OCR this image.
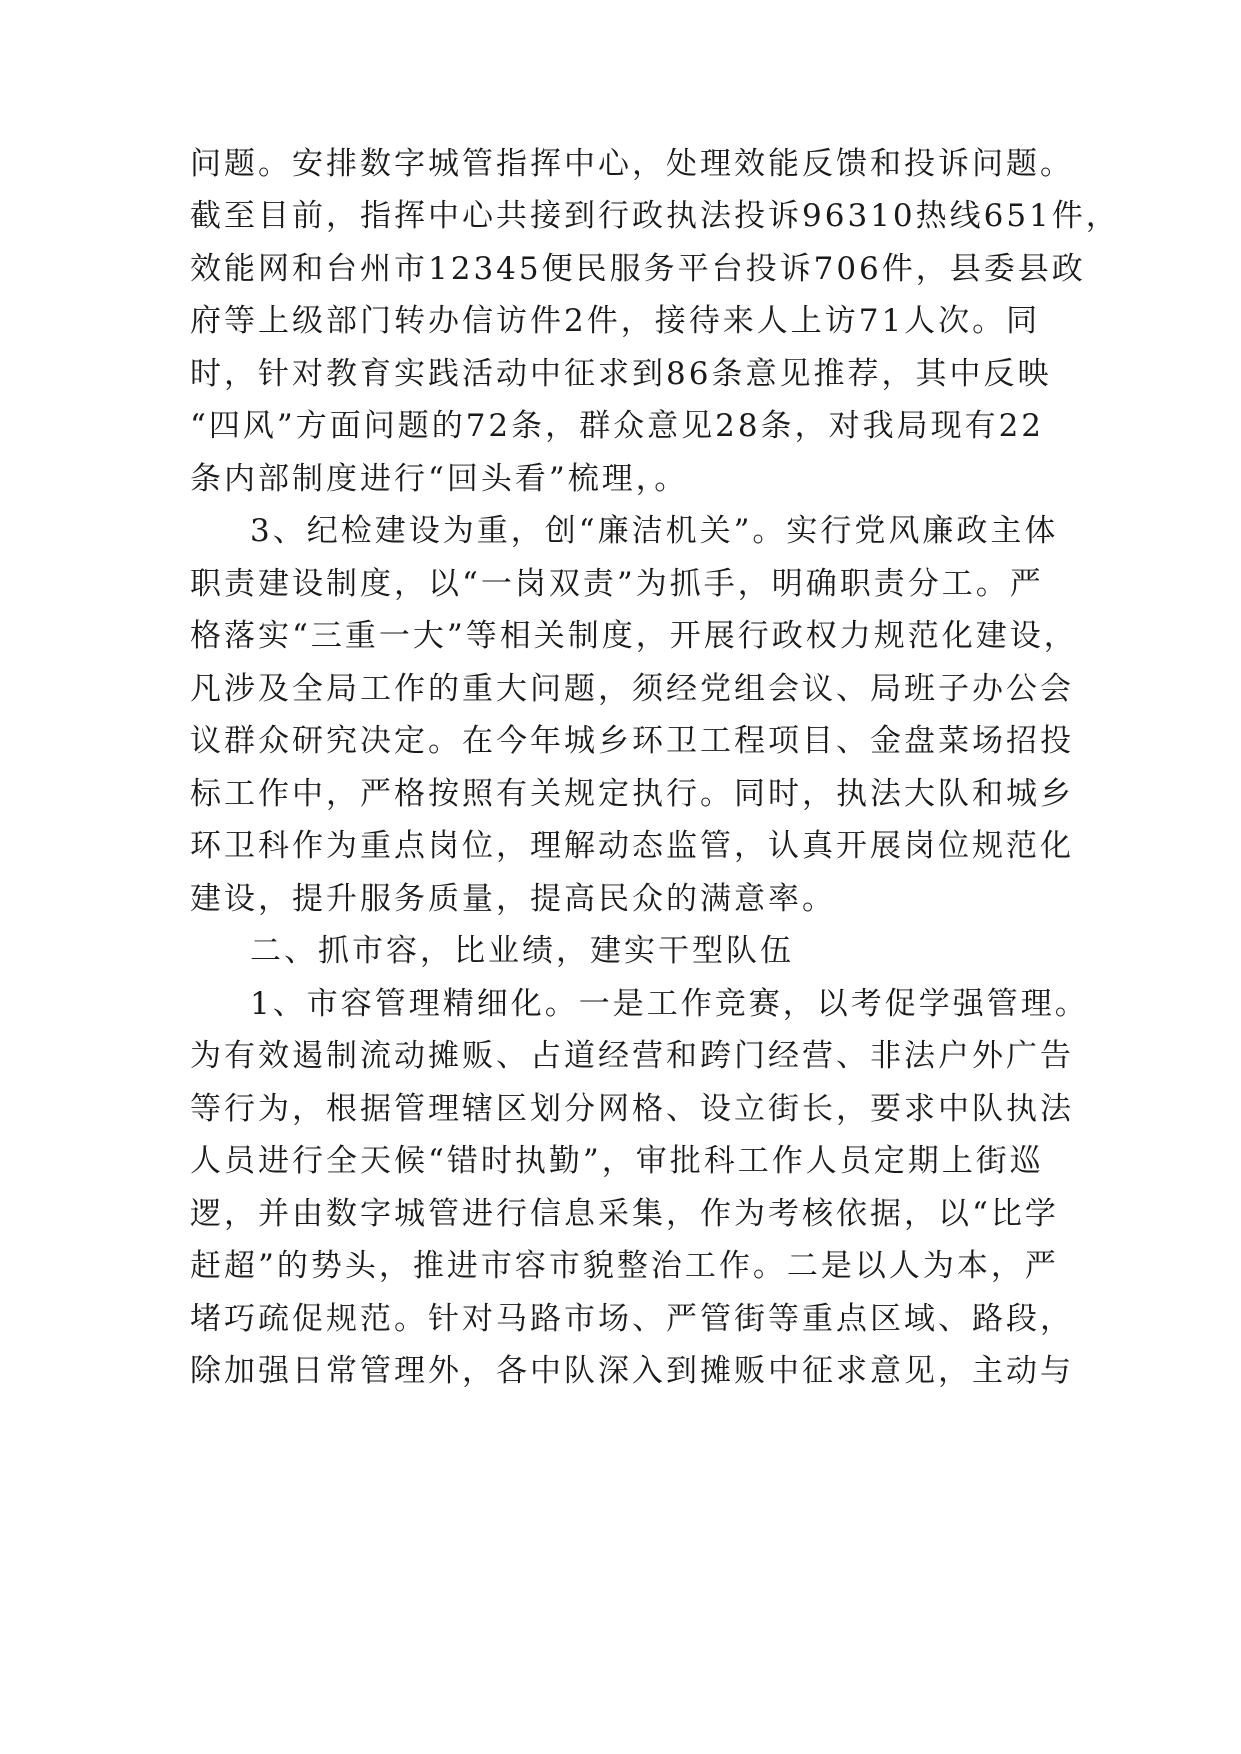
问题。安排数字城管指挥中心，处理效能反馈和投诉问题。
截至目前，指挥中心共接到行政执法投诉96310热线651件，
效能网和台州市12345便民服务平台投诉706件，县委县政
府等上级部门转办信访件2件，接待来人上访71人次。同
时，针对教育实践活动中征求到86条意见推荐，其中反映
“四风”方面问题的72条，群众意见28条，对我局现有22
条内部制度进行“回头看”梳理，。
3、纪检建设为重，创“廉洁机关”。实行党风廉政主体
职责建设制度，以“一岗双责”为抓手，明确职责分工。严
格落实“三重一大”等相关制度，开展行政权力规范化建设，
凡涉及全局工作的重大问题，须经党组会议、局班子办公会
议群众研究决定。在今年城乡环卫工程项目、金盘菜场招投
标工作中，严格按照有关规定执行。同时，执法大队和城乡
环卫科作为重点岗位，理解动态监管，认真开展岗位规范化
建设，提升服务质量，提高民众的满意率。
二、抓市容，比业绩，建实干型队伍
1、市容管理精细化。一是工作竞赛，以考促学强管理。
为有效遏制流动摊贩、占道经营和跨门经营、非法户外广告
等行为，根据管理辖区划分网格、设立街长，要求中队执法
人员进行全天候“错时执勤”，审批科工作人员定期上街巡
逻，并由数字城管进行信息采集，作为考核依据，以“比学
赶超”的势头，推进市容市貌整治工作。二是以人为本，严
堵巧疏促规范。针对马路市场、严管街等重点区域、路段，
除加强日常管理外，各中队深入到摊贩中征求意见，主动与
